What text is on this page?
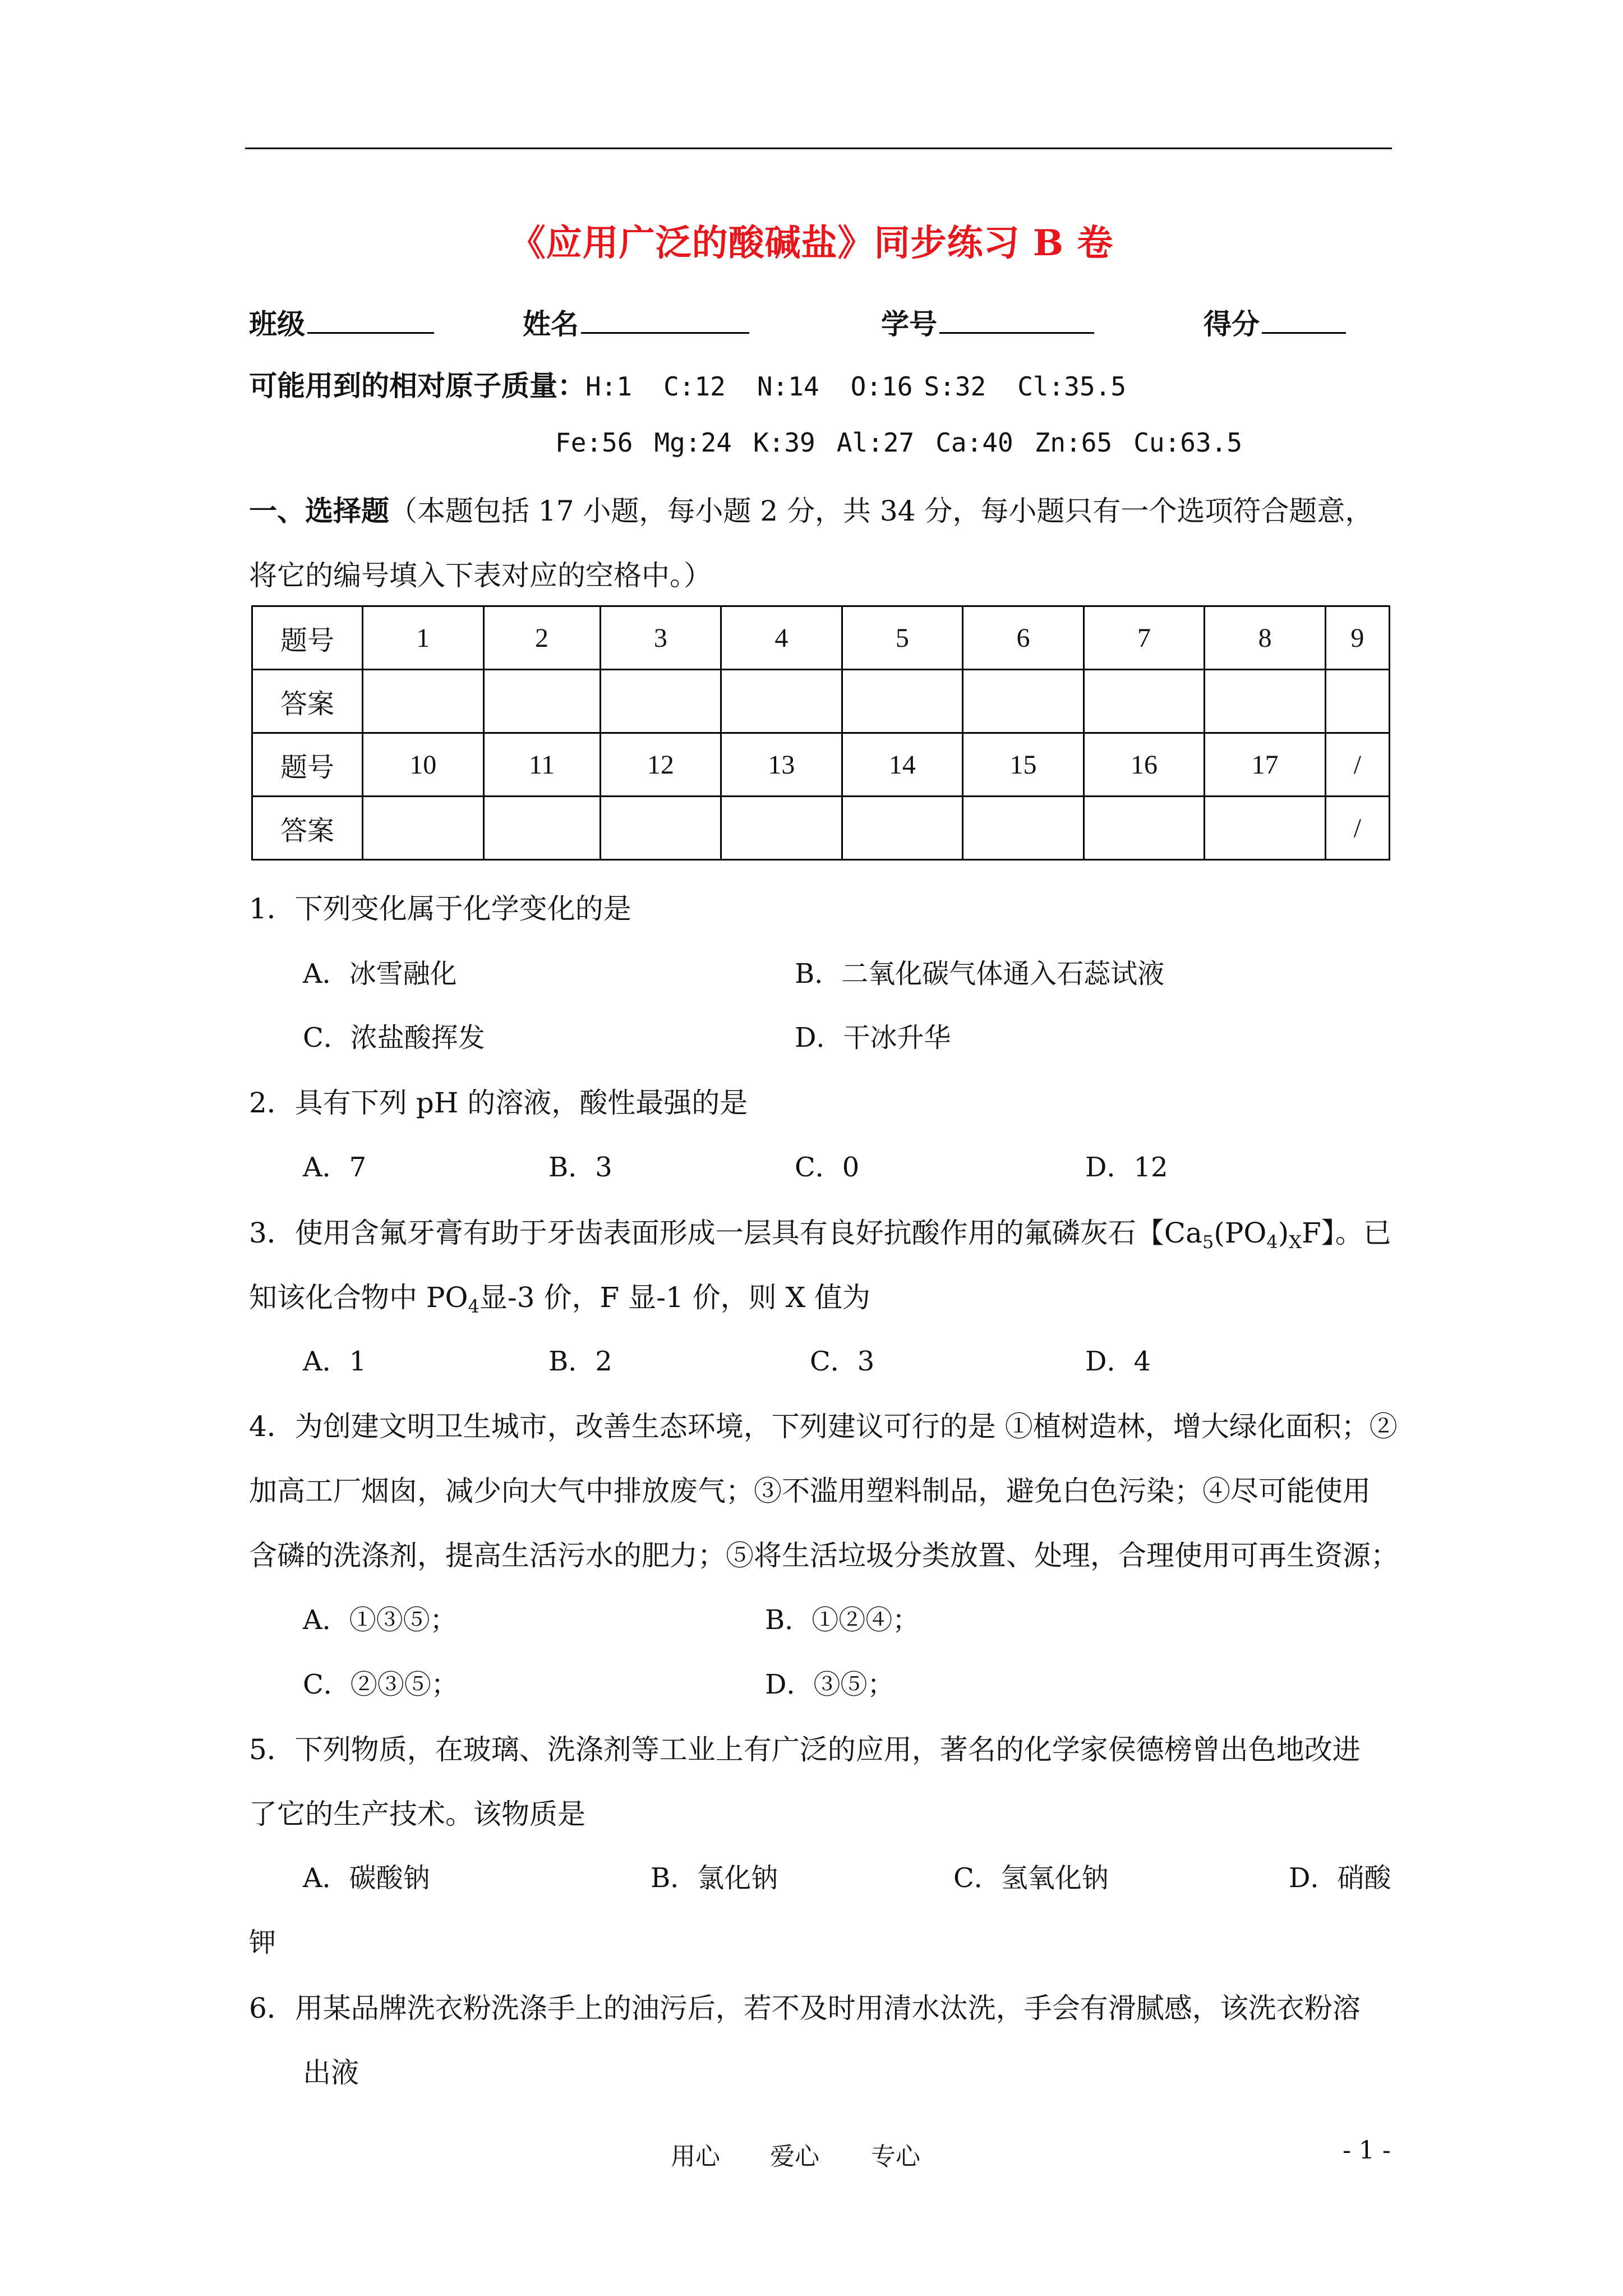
《应用广泛的酸碱盐》同步练习 B 卷
班级	姓名	学号	得分
可能用到的相对原子质量：H:1 C:12 N:14 O:16 S:32 Cl:35.5
Fe:56 Mg:24 K:39 Al:27 Ca:40 Zn:65 Cu:63.5
一、选择题（本题包括 17 小题，每小题 2 分，共 34 分，每小题只有一个选项符合题意，将它的编号填入下表对应的空格中。）
题号	1	2	3	4	5	6	7	8	9
答案									
题号	10	11	12	13	14	15	16	17	/
答案									/
1．下列变化属于化学变化的是
A．冰雪融化	B．二氧化碳气体通入石蕊试液
C．浓盐酸挥发	D．干冰升华
2．具有下列 pH 的溶液，酸性最强的是
A．7	B．3	C．0	D．12
3．使用含氟牙膏有助于牙齿表面形成一层具有良好抗酸作用的氟磷灰石【$Ca_5(PO_4)_XF$】。已
知该化合物中 $PO_4$显-3 价，F 显-1 价，则 X 值为
A．1	B．2	C．3	D．4
4．为创建文明卫生城市，改善生态环境，下列建议可行的是 ①植树造林，增大绿化面积；②
加高工厂烟囱，减少向大气中排放废气；③不滥用塑料制品，避免白色污染；④尽可能使用
含磷的洗涤剂，提高生活污水的肥力；⑤将生活垃圾分类放置、处理，合理使用可再生资源；
A．①③⑤；	B．①②④；
C．②③⑤；	D．③⑤；
5．下列物质，在玻璃、洗涤剂等工业上有广泛的应用，著名的化学家侯德榜曾出色地改进
了它的生产技术。该物质是
A．碳酸钠	B．氯化钠	C．氢氧化钠	D．硝酸
钾
6．用某品牌洗衣粉洗涤手上的油污后，若不及时用清水汰洗，手会有滑腻感，该洗衣粉溶
出液
用心 爱心 专心	- 1 -
